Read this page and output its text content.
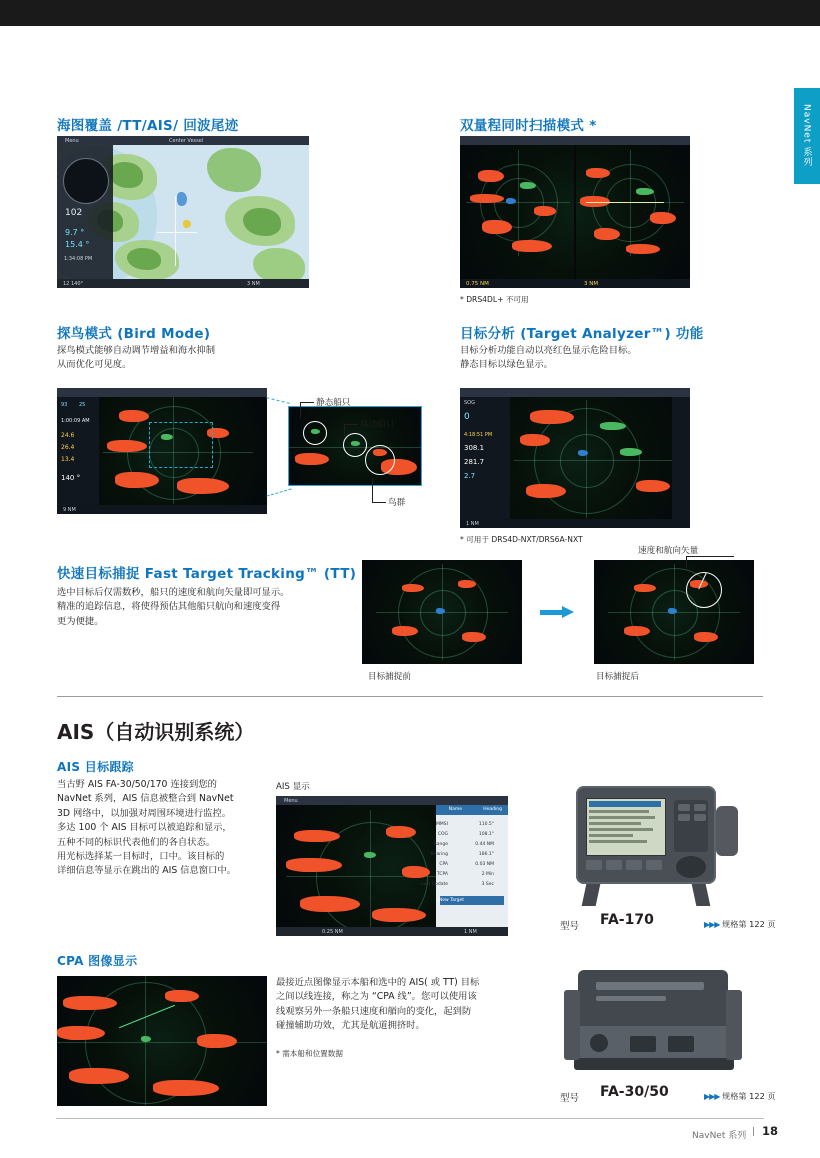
NavNet 系列
海图覆盖 /TT/AIS/ 回波尾迹
102
9.7 °
15.4 °
1:34:08 PM
Menu	Center Vessel
12 140°	3 NM
双量程同时扫描模式 *
0.75 NM	3 NM
* DRS4DL+ 不可用
探鸟模式 (Bird Mode)
探鸟模式能够自动调节增益和海水抑制
从而优化可见度。
93 25
1:00:09 AM
24.6
26.4
13.4
140 °
9 NM
静态船只
移动船只
鸟群
目标分析 (Target Analyzer™) 功能
目标分析功能自动以亮红色显示危险目标。
静态目标以绿色显示。
SOG
0
4:18:51 PM
308.1
281.7
2.7
1 NM
* 可用于 DRS4D-NXT/DRS6A-NXT
快速目标捕捉 Fast Target Tracking™ (TT)
选中目标后仅需数秒，船只的速度和航向矢量即可显示。
精准的追踪信息，将使得预估其他船只航向和速度变得
更为便捷。
速度和航向矢量
目标捕捉前	目标捕捉后
AIS（自动识别系统）
AIS 目标跟踪
当古野 AIS FA-30/50/170 连接到您的
NavNet 系列，AIS 信息被整合到 NavNet
3D 网络中，以加强对周围环境进行监控。
多达 100 个 AIS 目标可以被追踪和显示，
五种不同的标识代表他们的各自状态。
用光标选择某一目标时，口中。该目标的
详细信息等显示在跳出的 AIS 信息窗口中。
AIS 显示
Menu
Name	Heading
MMSI	110.5°
COG	108.1°
Range	0.44 NM
Bearing	186.1°
CPA	0.03 NM
TCPA	2 Min
Last Update	3 Sec
New Target
0.25 NM	1 NM
CPA 图像显示
最接近点图像显示本船和选中的 AIS( 或 TT) 目标
之间以线连接，称之为 “CPA 线”。您可以使用该
线观察另外一条船只速度和艏向的变化，起到防
碰撞辅助功效，尤其是航道拥挤时。
* 需本船和位置数据
型号 FA-170	▶▶▶ 规格第 122 页
型号 FA-30/50	▶▶▶ 规格第 122 页
NavNet 系列 | 18
